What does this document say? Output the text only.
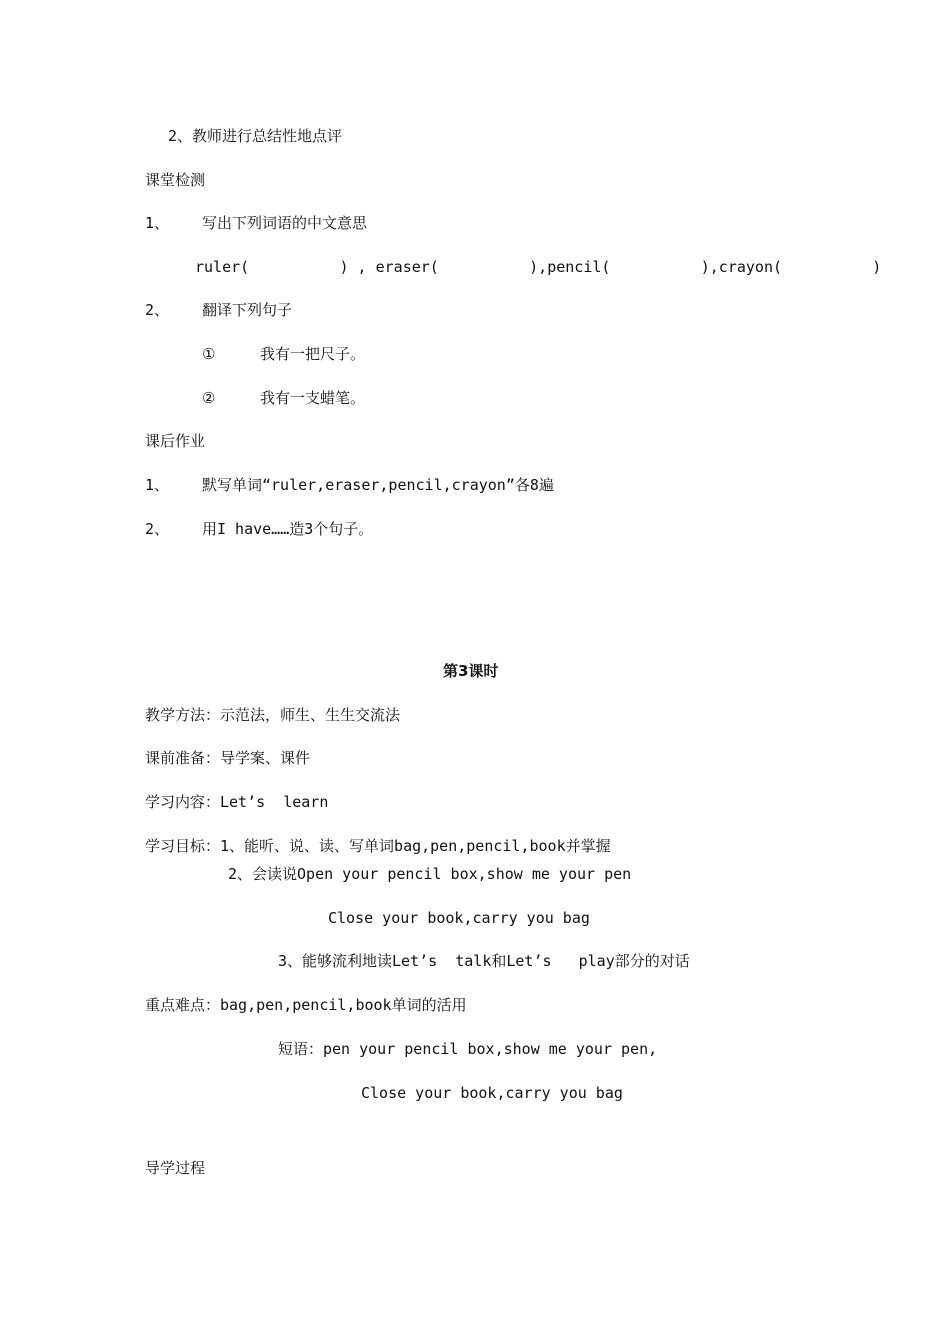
2、教师进行总结性地点评

课堂检测

1、 写出下列词语的中文意思

ruler(          ) , eraser(          ),pencil(          ),crayon(          )

2、 翻译下列句子

①	我有一把尺子。

②	我有一支蜡笔。

课后作业

1、 默写单词“ruler,eraser,pencil,crayon”各8遍

2、 用I have……造3个句子。

第3课时

教学方法：示范法，师生、生生交流法

课前准备：导学案、课件

学习内容：Let’s  learn

学习目标：1、能听、说、读、写单词bag,pen,pencil,book并掌握

2、会读说Open your pencil box,show me your pen

Close your book,carry you bag

3、能够流利地读Let’s  talk和Let’s   play部分的对话

重点难点：bag,pen,pencil,book单词的活用

短语：pen your pencil box,show me your pen,

Close your book,carry you bag

导学过程
